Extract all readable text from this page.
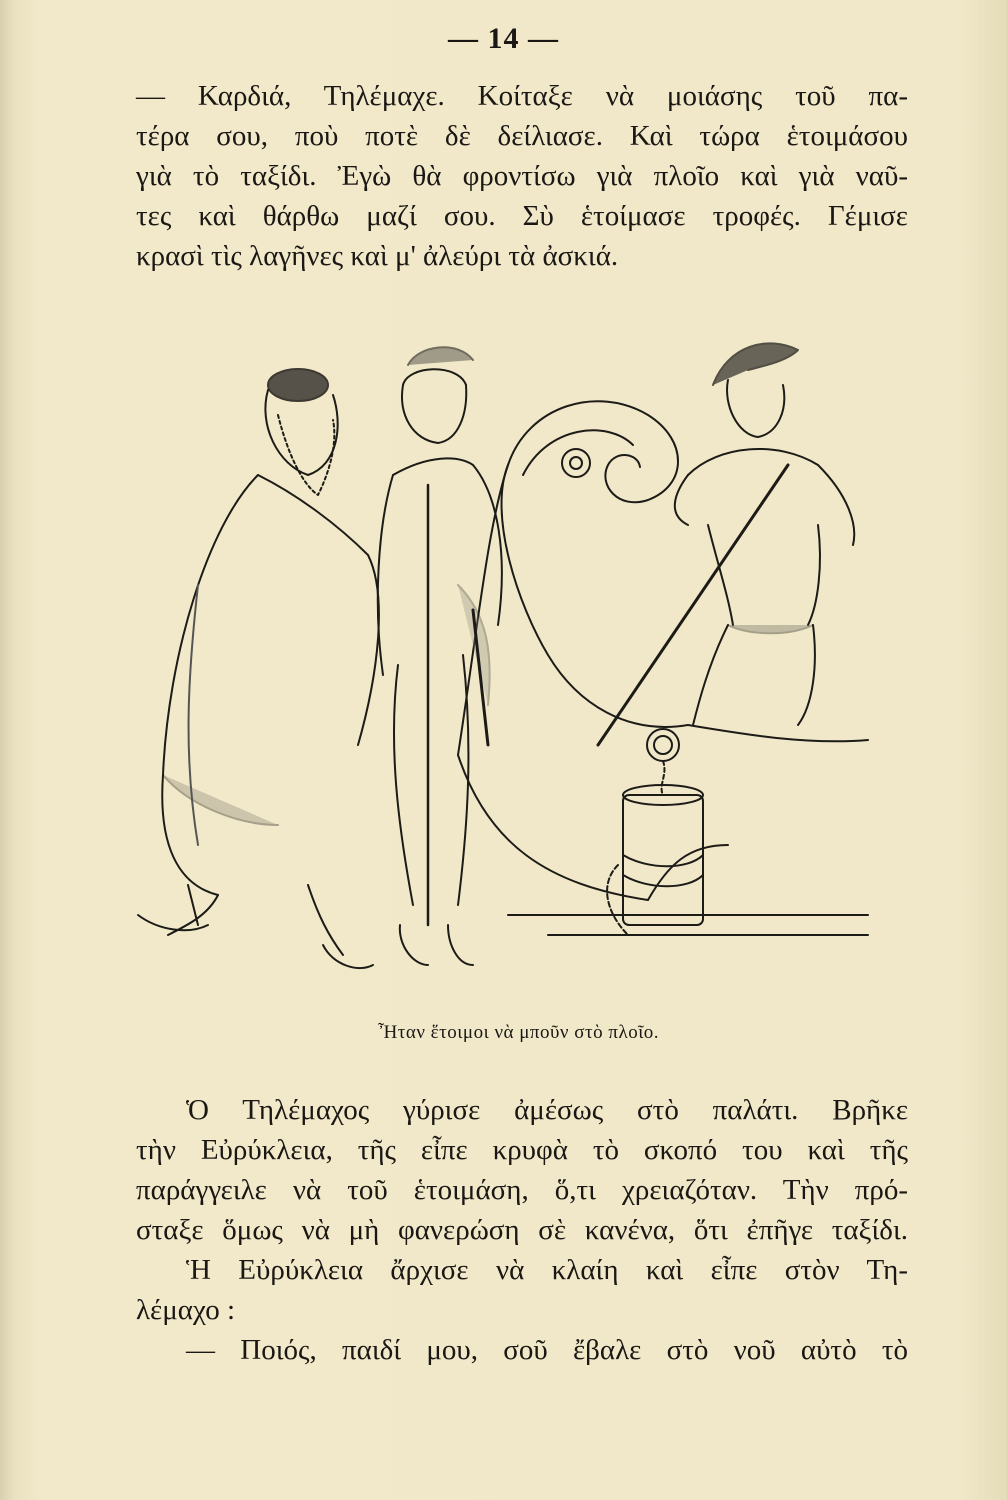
— 14 —
— Καρδιά, Τηλέμαχε. Κοίταξε νὰ μοιάσης τοῦ πα-
τέρα σου, ποὺ ποτὲ δὲ δείλιασε. Καὶ τώρα ἑτοιμάσου
γιὰ τὸ ταξίδι. Ἐγὼ θὰ φροντίσω γιὰ πλοῖο καὶ γιὰ ναῦ-
τες καὶ θάρθω μαζί σου. Σὺ ἑτοίμασε τροφές. Γέμισε
κρασὶ τὶς λαγῆνες καὶ μ' ἀλεύρι τὰ ἀσκιά.
Ἦταν ἕτοιμοι νὰ μποῦν στὸ πλοῖο.
Ὁ Τηλέμαχος γύρισε ἀμέσως στὸ παλάτι. Βρῆκε
τὴν Εὐρύκλεια, τῆς εἶπε κρυφὰ τὸ σκοπό του καὶ τῆς
παράγγειλε νὰ τοῦ ἑτοιμάση, ὅ,τι χρειαζόταν. Τὴν πρό-
σταξε ὅμως νὰ μὴ φανερώση σὲ κανένα, ὅτι ἐπῆγε ταξίδι.
Ἡ Εὐρύκλεια ἄρχισε νὰ κλαίη καὶ εἶπε στὸν Τη-
λέμαχο :
— Ποιός, παιδί μου, σοῦ ἔβαλε στὸ νοῦ αὐτὸ τὸ
